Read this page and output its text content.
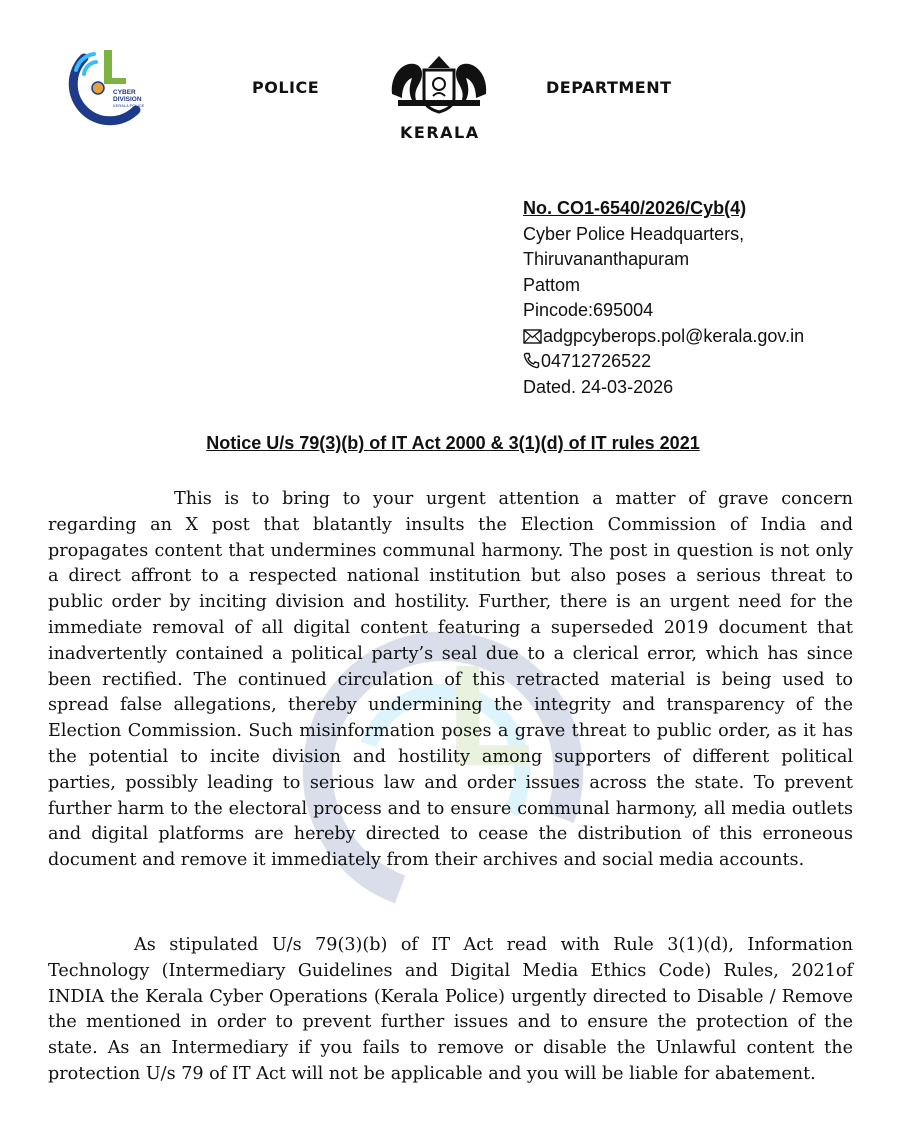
CYBER
DIVISION
KERALA POLICE
POLICE	DEPARTMENT
KERALA
No. CO1-6540/2026/Cyb(4)
Cyber Police Headquarters,
Thiruvananthapuram
Pattom
Pincode:695004
adgpcyberops.pol@kerala.gov.in
04712726522
Dated. 24-03-2026
Notice U/s 79(3)(b) of IT Act 2000 & 3(1)(d) of IT rules 2021

This is to bring to your urgent attention a matter of grave concern regarding an X post that blatantly insults the Election Commission of India and propagates content that undermines communal harmony. The post in question is not only a direct affront to a respected national institution but also poses a serious threat to public order by inciting division and hostility. Further, there is an urgent need for the immediate removal of all digital content featuring a superseded 2019 document that inadvertently contained a political party’s seal due to a clerical error, which has since been rectified. The continued circulation of this retracted material is being used to spread false allegations, thereby undermining the integrity and transparency of the Election Commission. Such misinformation poses a grave threat to public order, as it has the potential to incite division and hostility among supporters of different political parties, possibly leading to serious law and order issues across the state. To prevent further harm to the electoral process and to ensure communal harmony, all media outlets and digital platforms are hereby directed to cease the distribution of this erroneous document and remove it immediately from their archives and social media accounts.

As stipulated U/s 79(3)(b) of IT Act read with Rule 3(1)(d), Information Technology (Intermediary Guidelines and Digital Media Ethics Code) Rules, 2021of INDIA the Kerala Cyber Operations (Kerala Police) urgently directed to Disable / Remove the mentioned in order to prevent further issues and to ensure the protection of the state. As an Intermediary if you fails to remove or disable the Unlawful content the protection U/s 79 of IT Act will not be applicable and you will be liable for abatement.
